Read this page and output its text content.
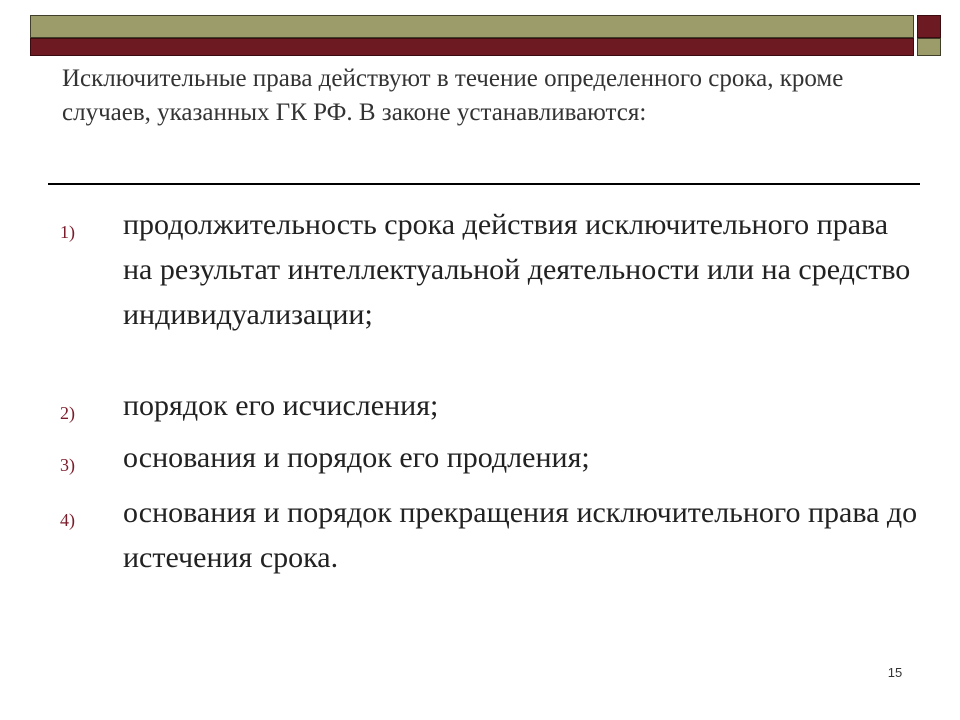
Исключительные права действуют в течение определенного срока, кроме случаев, указанных ГК РФ. В законе устанавливаются:
1)	продолжительность срока действия исключительного права на результат интеллектуальной деятельности или на средство индивидуализации;
2)	порядок его исчисления;
3)	основания и порядок его продления;
4)	основания и порядок прекращения исключительного права до истечения срока.
15
